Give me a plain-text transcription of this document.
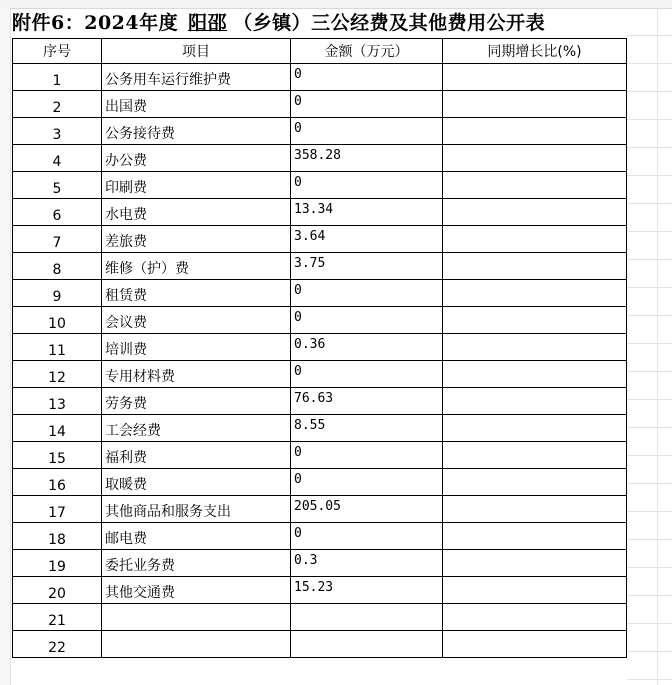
附件6：2024年度 阳邵 （乡镇）三公经费及其他费用公开表
序号	项目	金额（万元）	同期增长比(%)
1	公务用车运行维护费	0	
2	出国费	0	
3	公务接待费	0	
4	办公费	358.28	
5	印刷费	0	
6	水电费	13.34	
7	差旅费	3.64	
8	维修（护）费	3.75	
9	租赁费	0	
10	会议费	0	
11	培训费	0.36	
12	专用材料费	0	
13	劳务费	76.63	
14	工会经费	8.55	
15	福利费	0	
16	取暖费	0	
17	其他商品和服务支出	205.05	
18	邮电费	0	
19	委托业务费	0.3	
20	其他交通费	15.23	
21			
22			
